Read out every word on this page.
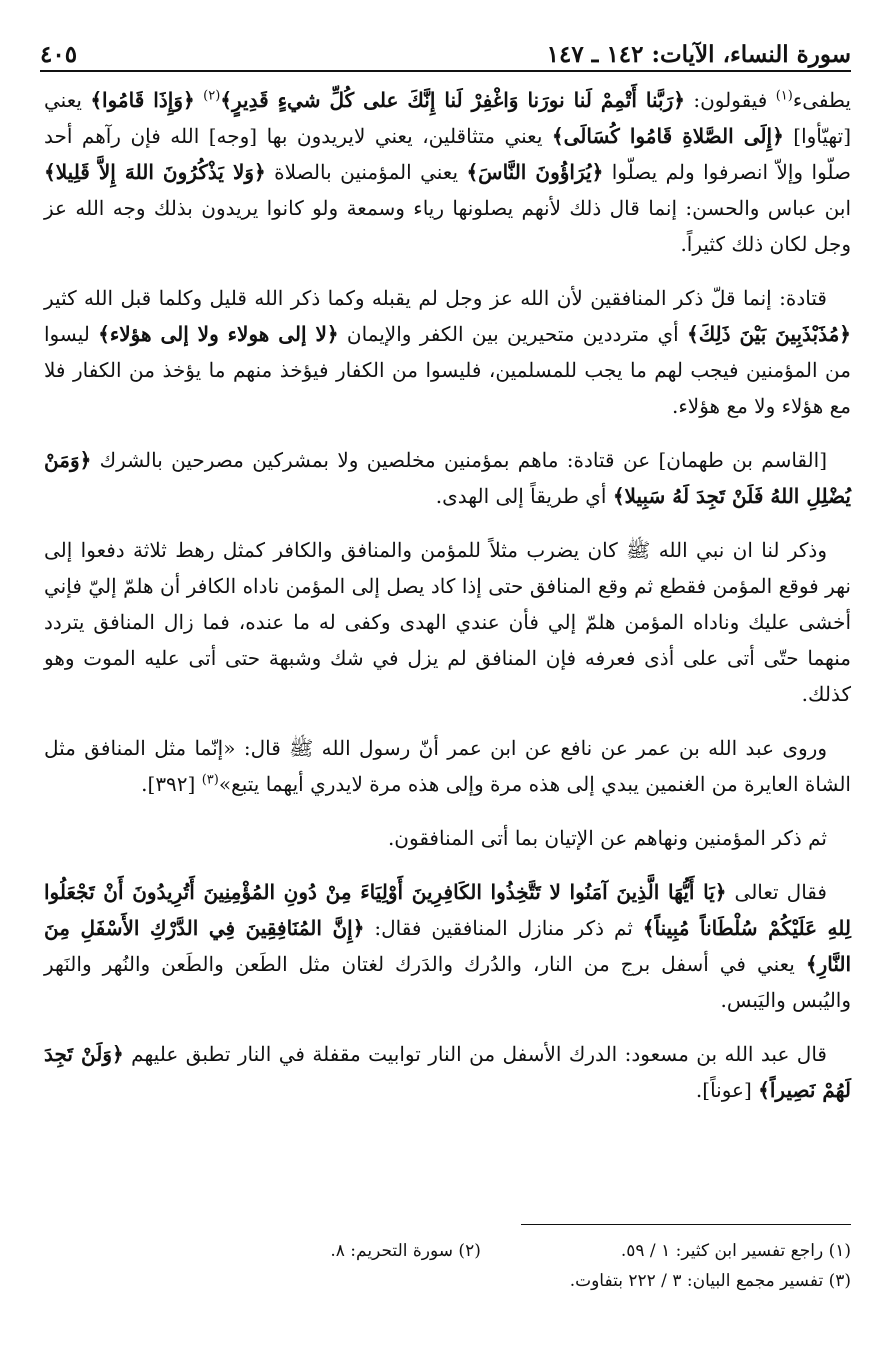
سورة النساء، الآيات: ١٤٢ ـ ١٤٧
٤٠٥

يطفىء$^{(١)}$ فيقولون: ﴿رَبَّنا أَتْمِمْ لَنا نورَنا وَاغْفِرْ لَنا إِنَّكَ على كُلِّ شيءٍ قَدِيرٍ﴾$^{(٢)}$ ﴿وَإِذَا قَامُوا﴾ يعني [تهيّأوا] ﴿إِلَى الصَّلاةِ قَامُوا كُسَالَى﴾ يعني متثاقلين، يعني لايريدون بها [وجه] الله فإن رآهم أحد صلّوا وإلاّ انصرفوا ولم يصلّوا ﴿يُرَاؤُونَ النَّاسَ﴾ يعني المؤمنين بالصلاة ﴿وَلا يَذْكُرُونَ اللهَ إِلاَّ قَلِيلا﴾ ابن عباس والحسن: إنما قال ذلك لأنهم يصلونها رياء وسمعة ولو كانوا يريدون بذلك وجه الله عز وجل لكان ذلك كثيراً.

قتادة: إنما قلّ ذكر المنافقين لأن الله عز وجل لم يقبله وكما ذكر الله قليل وكلما قبل الله كثير ﴿مُذَبْذَبِينَ بَيْنَ ذَلِكَ﴾ أي مترددين متحيرين بين الكفر والإيمان ﴿لا إلى هولاء ولا إلى هؤلاء﴾ ليسوا من المؤمنين فيجب لهم ما يجب للمسلمين، فليسوا من الكفار فيؤخذ منهم ما يؤخذ من الكفار فلا مع هؤلاء ولا مع هؤلاء.

[القاسم بن طهمان] عن قتادة: ماهم بمؤمنين مخلصين ولا بمشركين مصرحين بالشرك ﴿وَمَنْ يُضْلِلِ اللهُ فَلَنْ تَجِدَ لَهُ سَبِيلا﴾ أي طريقاً إلى الهدى.

وذكر لنا ان نبي الله ﷺ كان يضرب مثلاً للمؤمن والمنافق والكافر كمثل رهط ثلاثة دفعوا إلى نهر فوقع المؤمن فقطع ثم وقع المنافق حتى إذا كاد يصل إلى المؤمن ناداه الكافر أن هلمّ إليّ فإني أخشى عليك وناداه المؤمن هلمّ إلي فأن عندي الهدى وكفى له ما عنده، فما زال المنافق يتردد منهما حتّى أتى على أذى فعرفه فإن المنافق لم يزل في شك وشبهة حتى أتى عليه الموت وهو كذلك.

وروى عبد الله بن عمر عن نافع عن ابن عمر أنّ رسول الله ﷺ قال: «إنّما مثل المنافق مثل الشاة العايرة من الغنمين يبدي إلى هذه مرة وإلى هذه مرة لايدري أيهما يتبع»$^{(٣)}$ [٣٩٢].

ثم ذكر المؤمنين ونهاهم عن الإتيان بما أتى المنافقون.

فقال تعالى ﴿يَا أَيُّهَا الَّذِينَ آمَنُوا لا تَتَّخِذُوا الكَافِرِينَ أَوْلِيَاءَ مِنْ دُونِ المُؤْمِنِينَ أَتُرِيدُونَ أَنْ تَجْعَلُوا لِلهِ عَلَيْكُمْ سُلْطَاناً مُبِيناً﴾ ثم ذكر منازل المنافقين فقال: ﴿إِنَّ المُنَافِقِينَ فِي الدَّرْكِ الأَسْفَلِ مِنَ النَّارِ﴾ يعني في أسفل برج من النار، والدُرك والدَرك لغتان مثل الطَعن والطَعن والنُهر والنَهر واليُبس واليَبس.

قال عبد الله بن مسعود: الدرك الأسفل من النار توابيت مقفلة في النار تطبق عليهم ﴿وَلَنْ تَجِدَ لَهُمْ نَصِيراً﴾ [عوناً].

(١) راجع تفسير ابن كثير: ١ / ٥٩.
(٢) سورة التحريم: ٨.
(٣) تفسير مجمع البيان: ٣ / ٢٢٢ بتفاوت.
